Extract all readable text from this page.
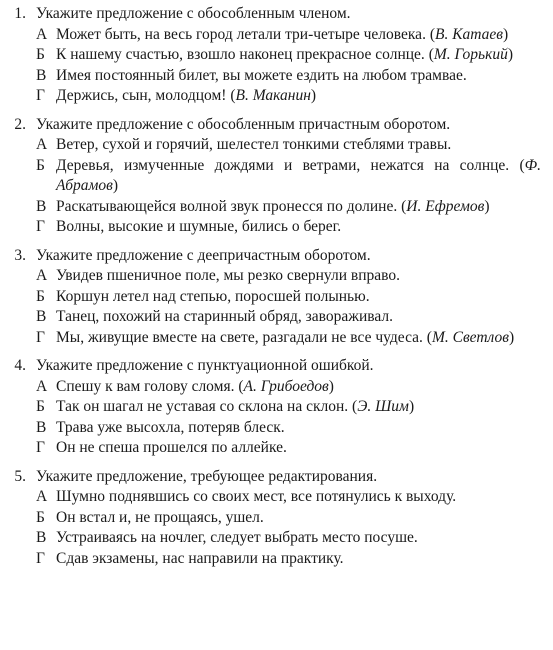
1. Укажите предложение с обособленным членом.
А Может быть, на весь город летали три-четыре человека. (В. Катаев)
Б К нашему счастью, взошло наконец прекрасное солнце. (М. Горький)
В Имея постоянный билет, вы можете ездить на любом трамвае.
Г Держись, сын, молодцом! (В. Маканин)
2. Укажите предложение с обособленным причастным оборотом.
А Ветер, сухой и горячий, шелестел тонкими стеблями травы.
Б Деревья, измученные дождями и ветрами, нежатся на солнце. (Ф. Абрамов)
В Раскатывающейся волной звук пронесся по долине. (И. Ефремов)
Г Волны, высокие и шумные, бились о берег.
3. Укажите предложение с деепричастным оборотом.
А Увидев пшеничное поле, мы резко свернули вправо.
Б Коршун летел над степью, поросшей полынью.
В Танец, похожий на старинный обряд, завораживал.
Г Мы, живущие вместе на свете, разгадали не все чудеса. (М. Светлов)
4. Укажите предложение с пунктуационной ошибкой.
А Спешу к вам голову сломя. (А. Грибоедов)
Б Так он шагал не уставая со склона на склон. (Э. Шим)
В Трава уже высохла, потеряв блеск.
Г Он не спеша прошелся по аллейке.
5. Укажите предложение, требующее редактирования.
А Шумно поднявшись со своих мест, все потянулись к выходу.
Б Он встал и, не прощаясь, ушел.
В Устраиваясь на ночлег, следует выбрать место посуше.
Г Сдав экзамены, нас направили на практику.
